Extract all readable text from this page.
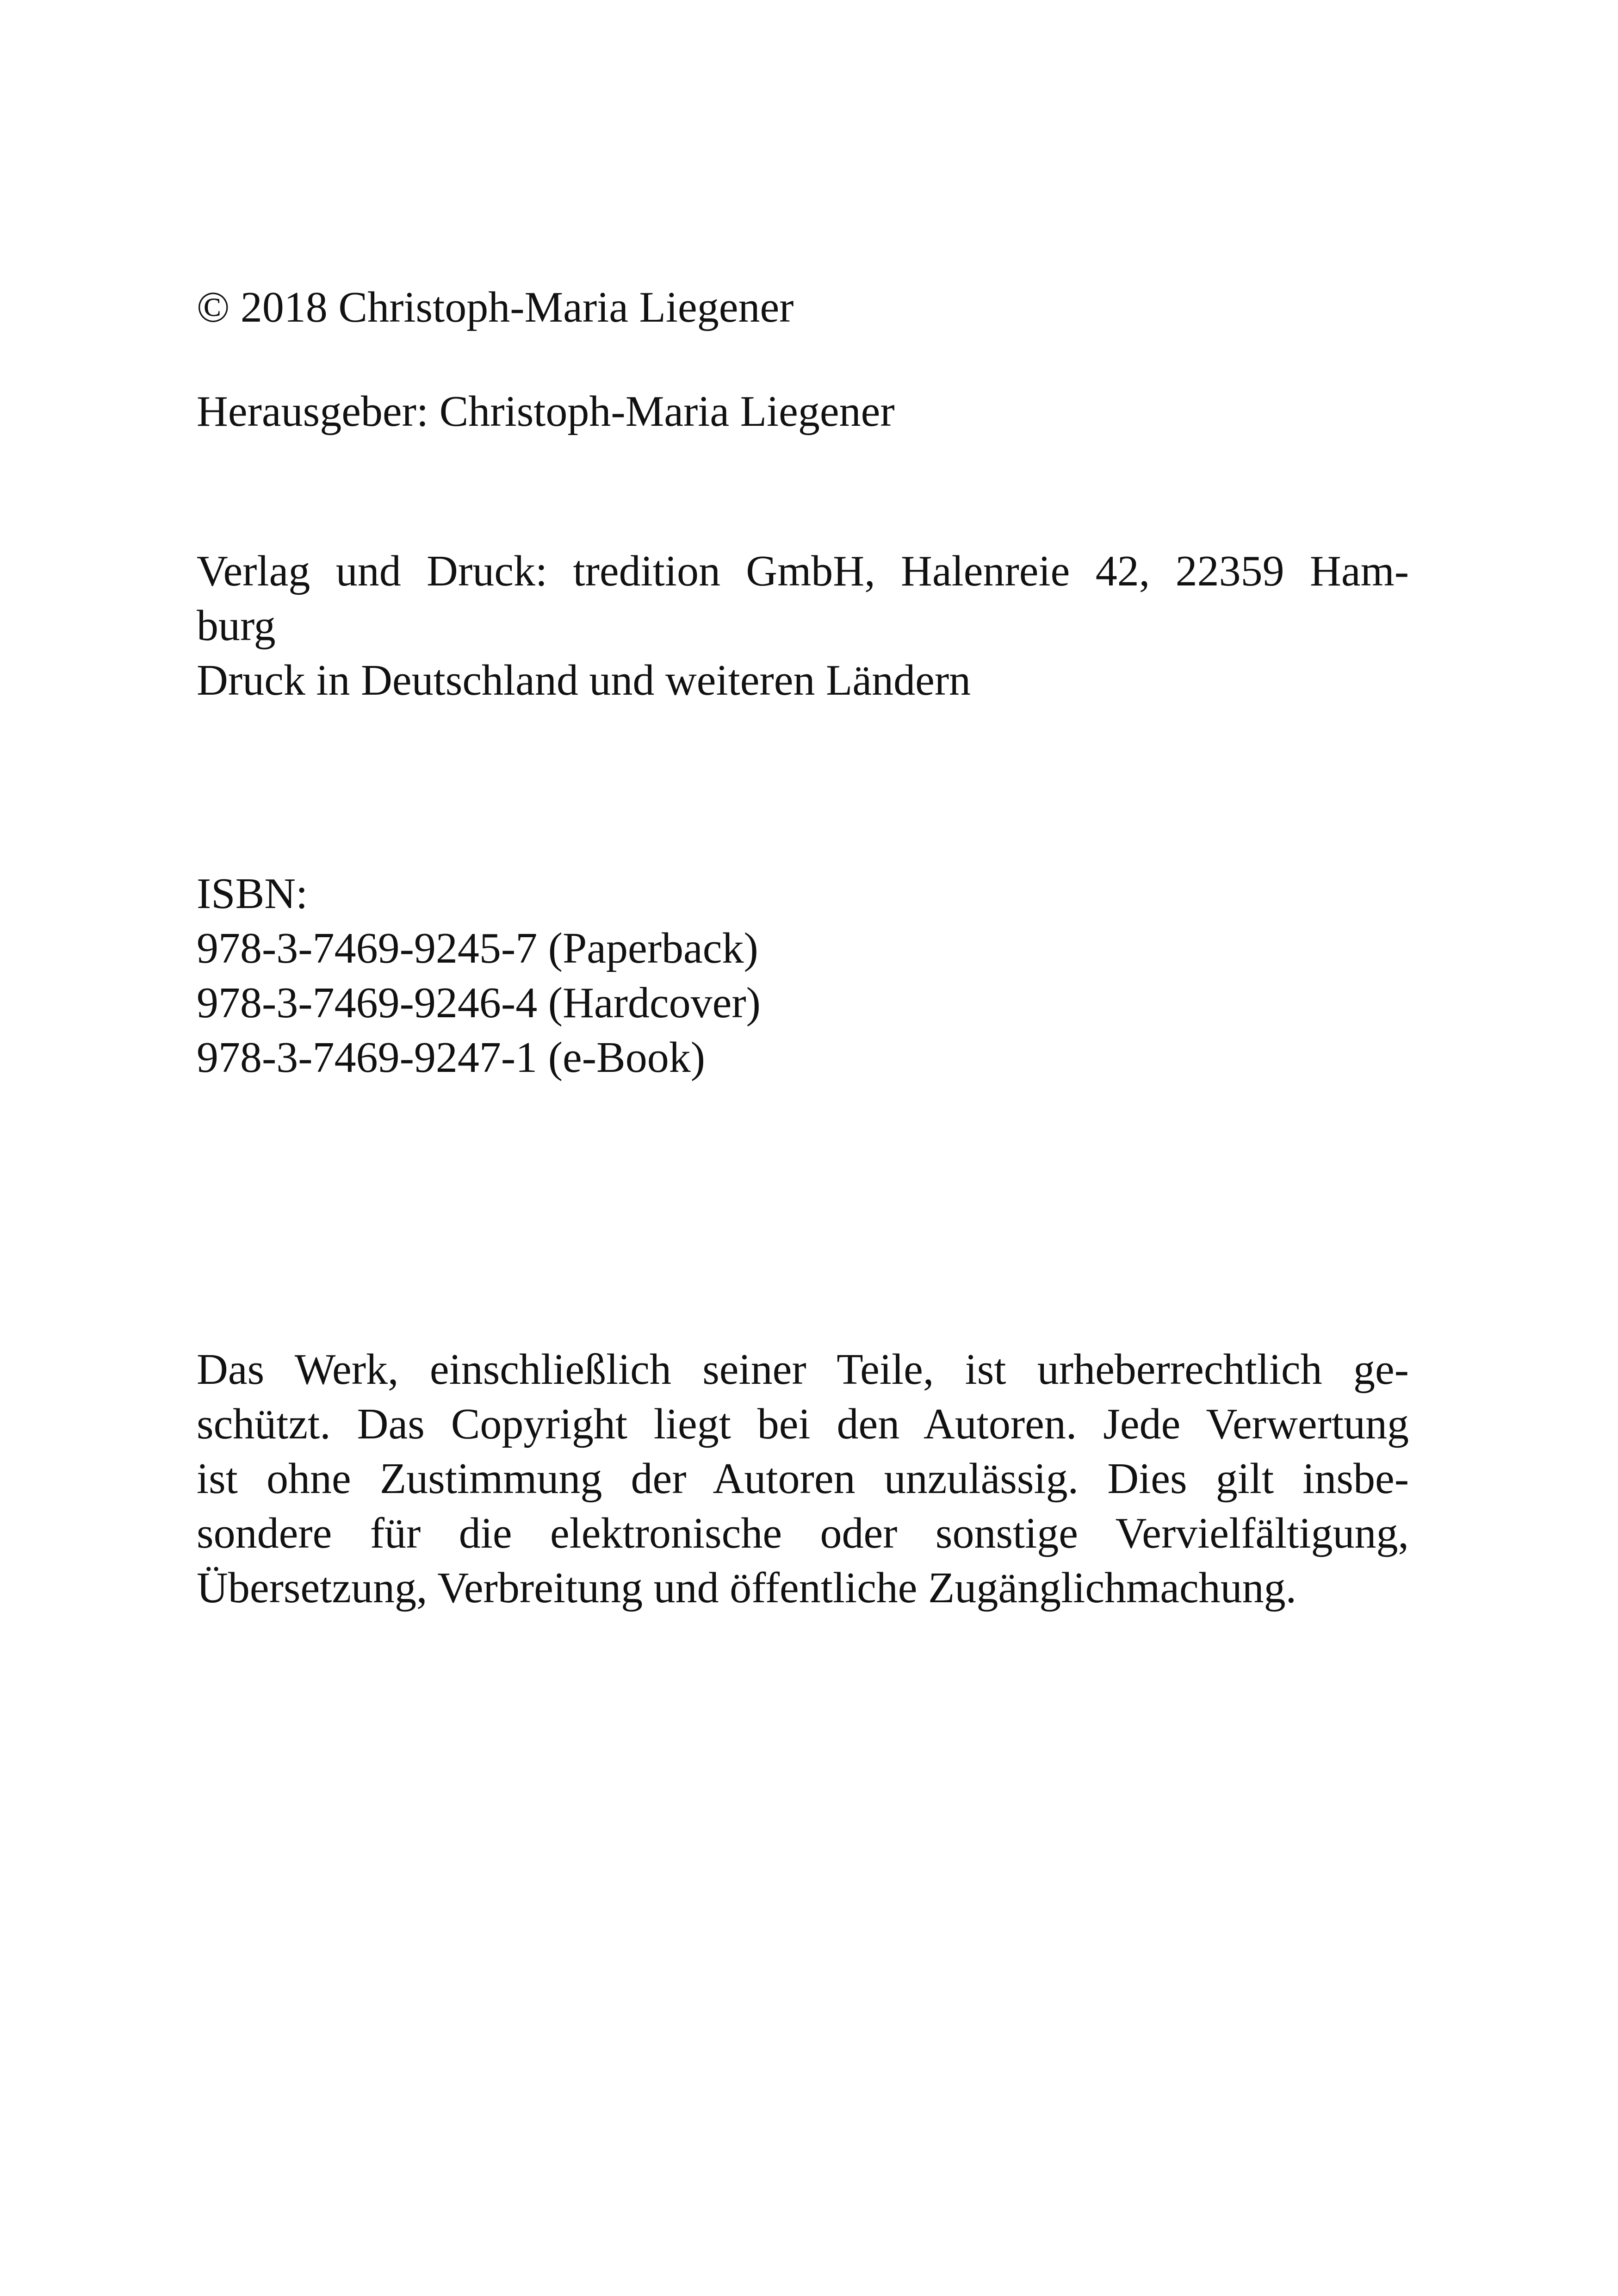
© 2018 Christoph-Maria Liegener

Herausgeber: Christoph-Maria Liegener

Verlag und Druck: tredition GmbH, Halenreie 42, 22359 Ham-
burg
Druck in Deutschland und weiteren Ländern
ISBN:
978-3-7469-9245-7 (Paperback)
978-3-7469-9246-4 (Hardcover)
978-3-7469-9247-1 (e-Book)
Das Werk, einschließlich seiner Teile, ist urheberrechtlich ge-
schützt. Das Copyright liegt bei den Autoren. Jede Verwertung
ist ohne Zustimmung der Autoren unzulässig. Dies gilt insbe-
sondere für die elektronische oder sonstige Vervielfältigung,
Übersetzung, Verbreitung und öffentliche Zugänglichmachung.
